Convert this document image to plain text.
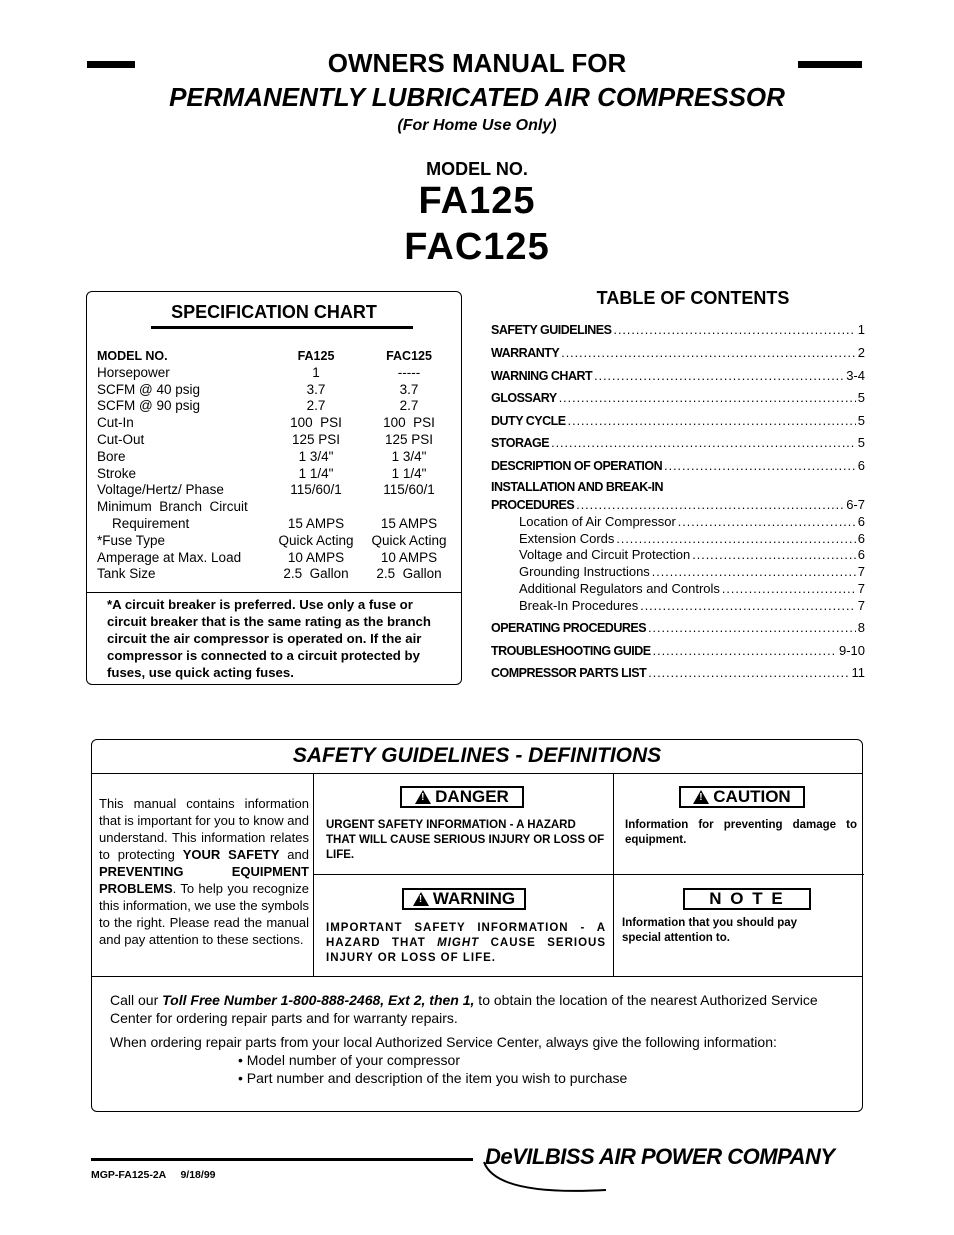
OWNERS MANUAL FOR
PERMANENTLY LUBRICATED AIR COMPRESSOR
(For Home Use Only)
MODEL NO.
FA125
FAC125
SPECIFICATION CHART
MODEL NO.	FA125	FAC125
Horsepower	1	-----
SCFM @ 40 psig	3.7	3.7
SCFM @ 90 psig	2.7	2.7
Cut-In	100  PSI	100  PSI
Cut-Out	125 PSI	125 PSI
Bore	1 3/4"	1 3/4"
Stroke	1 1/4"	1 1/4"
Voltage/Hertz/ Phase	115/60/1	115/60/1
Minimum  Branch  Circuit		
Requirement	15 AMPS	15 AMPS
*Fuse Type	Quick Acting	Quick Acting
Amperage at Max. Load	10 AMPS	10 AMPS
Tank Size	2.5  Gallon	2.5  Gallon
*A circuit breaker is preferred. Use only a fuse or circuit breaker that is the same rating as the branch circuit the air compressor is operated on. If the air compressor is connected to a circuit protected by fuses, use quick acting fuses.
TABLE OF CONTENTS
SAFETY GUIDELINES .....	1
WARRANTY .....	2
WARNING CHART .....	3-4
GLOSSARY .....	5
DUTY CYCLE .....	5
STORAGE .....	5
DESCRIPTION OF OPERATION .....	6
INSTALLATION AND BREAK-IN
PROCEDURES .....	6-7
Location of Air Compressor .....	6
Extension Cords .....	6
Voltage and Circuit Protection .....	6
Grounding Instructions .....	7
Additional Regulators and Controls .....	7
Break-In Procedures .....	7
OPERATING PROCEDURES .....	8
TROUBLESHOOTING GUIDE .....	9-10
COMPRESSOR PARTS LIST .....	11
SAFETY GUIDELINES - DEFINITIONS
This manual contains information that is important for you to know and understand. This information relates to protecting YOUR SAFETY and PREVENTING EQUIPMENT PROBLEMS. To help you recognize this information, we use the symbols to the right. Please read the manual and pay attention to these sections.
!
DANGER
URGENT SAFETY INFORMATION - A HAZARD THAT WILL CAUSE SERIOUS INJURY OR LOSS OF LIFE.
!
CAUTION
Information for preventing damage to equipment.
!
WARNING
IMPORTANT SAFETY INFORMATION - A HAZARD THAT MIGHT CAUSE SERIOUS INJURY OR LOSS OF LIFE.
N O T E
Information that you should pay special attention to.
Call our Toll Free Number 1-800-888-2468, Ext 2, then 1, to obtain the location of the nearest Authorized Service Center for ordering repair parts and for warranty repairs.
When ordering repair parts from your local Authorized Service Center, always give the following information:
• Model number of your compressor
• Part number and description of the item you wish to purchase
MGP-FA125-2A     9/18/99
DeVILBISS AIR POWER COMPANY
